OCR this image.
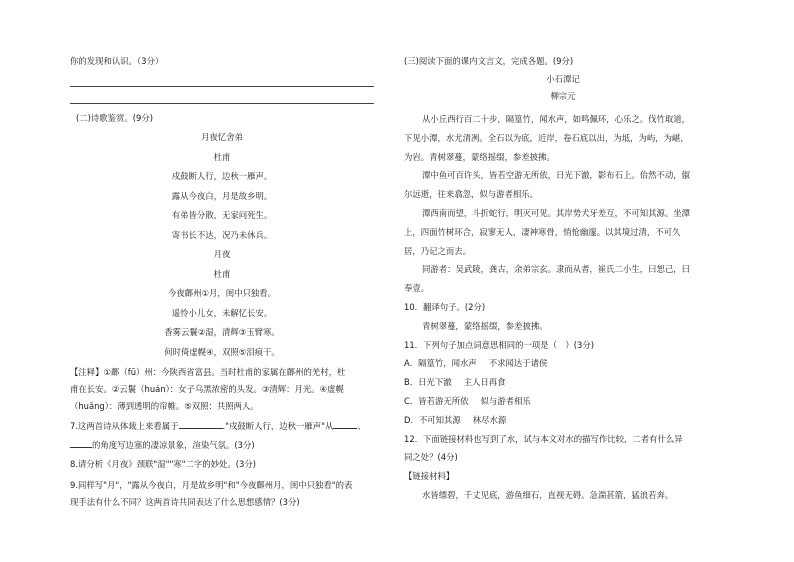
你的发现和认识。（3分）
(二)诗歌鉴赏。(9分)
月夜忆舍弟
杜甫
戍鼓断人行，边秋一雁声。
露从今夜白，月是故乡明。
有弟皆分散，无家问死生。
寄书长不达，况乃未休兵。
月夜
杜甫
今夜鄜州①月，闺中只独看。
遥怜小儿女，未解忆长安。
香雾云鬟②湿，清辉③玉臂寒。
何时倚虚幌④，双照⑤泪痕干。
【注释】①鄜（fū）州：今陕西省富县。当时杜甫的家属在鄜州的羌村，杜
甫在长安。②云鬟（huán）：女子乌黑浓密的头发。③清辉：月光。④虚幌
（huǎng）：薄到透明的帘帷。⑤双照：共照两人。
7.这两首诗从体裁上来看属于	."戍鼓断人行，边秋一雁声"从	、
的角度写边塞的凄凉景象，渲染气氛。(3分)
8.请分析《月夜》颈联"湿""寒"二字的妙处。(3分)
9.同样写"月"，"露从今夜白，月是故乡明"和"今夜鄜州月，闺中只独看"的表
现手法有什么不同？这两首诗共同表达了什么思想感情？(3分)
(三)阅读下面的课内文言文，完成各题。(9分)
小石潭记
柳宗元
从小丘西行百二十步，隔篁竹，闻水声，如鸣佩环，心乐之。伐竹取道，
下见小潭，水尤清冽。全石以为底，近岸，卷石底以出，为坻，为屿，为嵁，
为岩。青树翠蔓，蒙络摇缀，参差披拂。
潭中鱼可百许头，皆若空游无所依，日光下澈，影布石上。佁然不动，俶
尔远逝，往来翕忽，似与游者相乐。
潭西南而望，斗折蛇行，明灭可见。其岸势犬牙差互，不可知其源。坐潭
上，四面竹树环合，寂寥无人，凄神寒骨，悄怆幽邃。以其境过清，不可久
居，乃记之而去。
同游者：吴武陵，龚古，余弟宗玄。隶而从者，崔氏二小生，曰恕己，曰
奉壹。
10．翻译句子。(2分)
青树翠蔓，蒙络摇缀，参差披拂。
11．下列句子加点词意思相同的一项是（　）(3分)
A．隔篁竹，闻水声 不求闻达于诸侯
B．日光下澈 主人日再食
C．皆若游无所依 似与游者相乐
D．不可知其源 林尽水源
12．下面链接材料也写到了水，试与本文对水的描写作比较，二者有什么异
同之处？(4分)
【链接材料】
水皆缥碧，千丈见底，游鱼细石，直视无碍。急湍甚箭，猛浪若奔。
